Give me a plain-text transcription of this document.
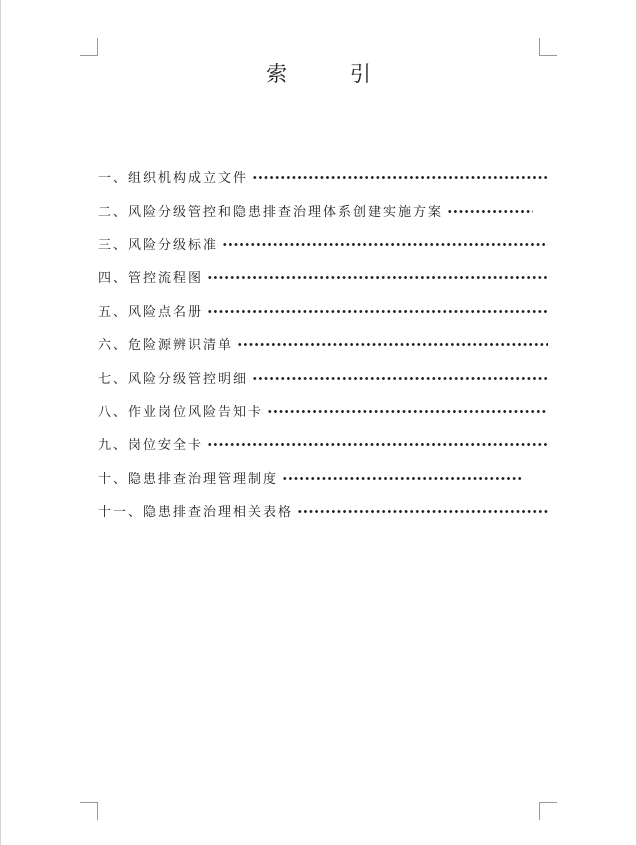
索 引
一、组织机构成立文件
二、风险分级管控和隐患排查治理体系创建实施方案
三、风险分级标准
四、管控流程图
五、风险点名册
六、危险源辨识清单
七、风险分级管控明细
八、作业岗位风险告知卡
九、岗位安全卡
十、隐患排查治理管理制度
十一、隐患排查治理相关表格
